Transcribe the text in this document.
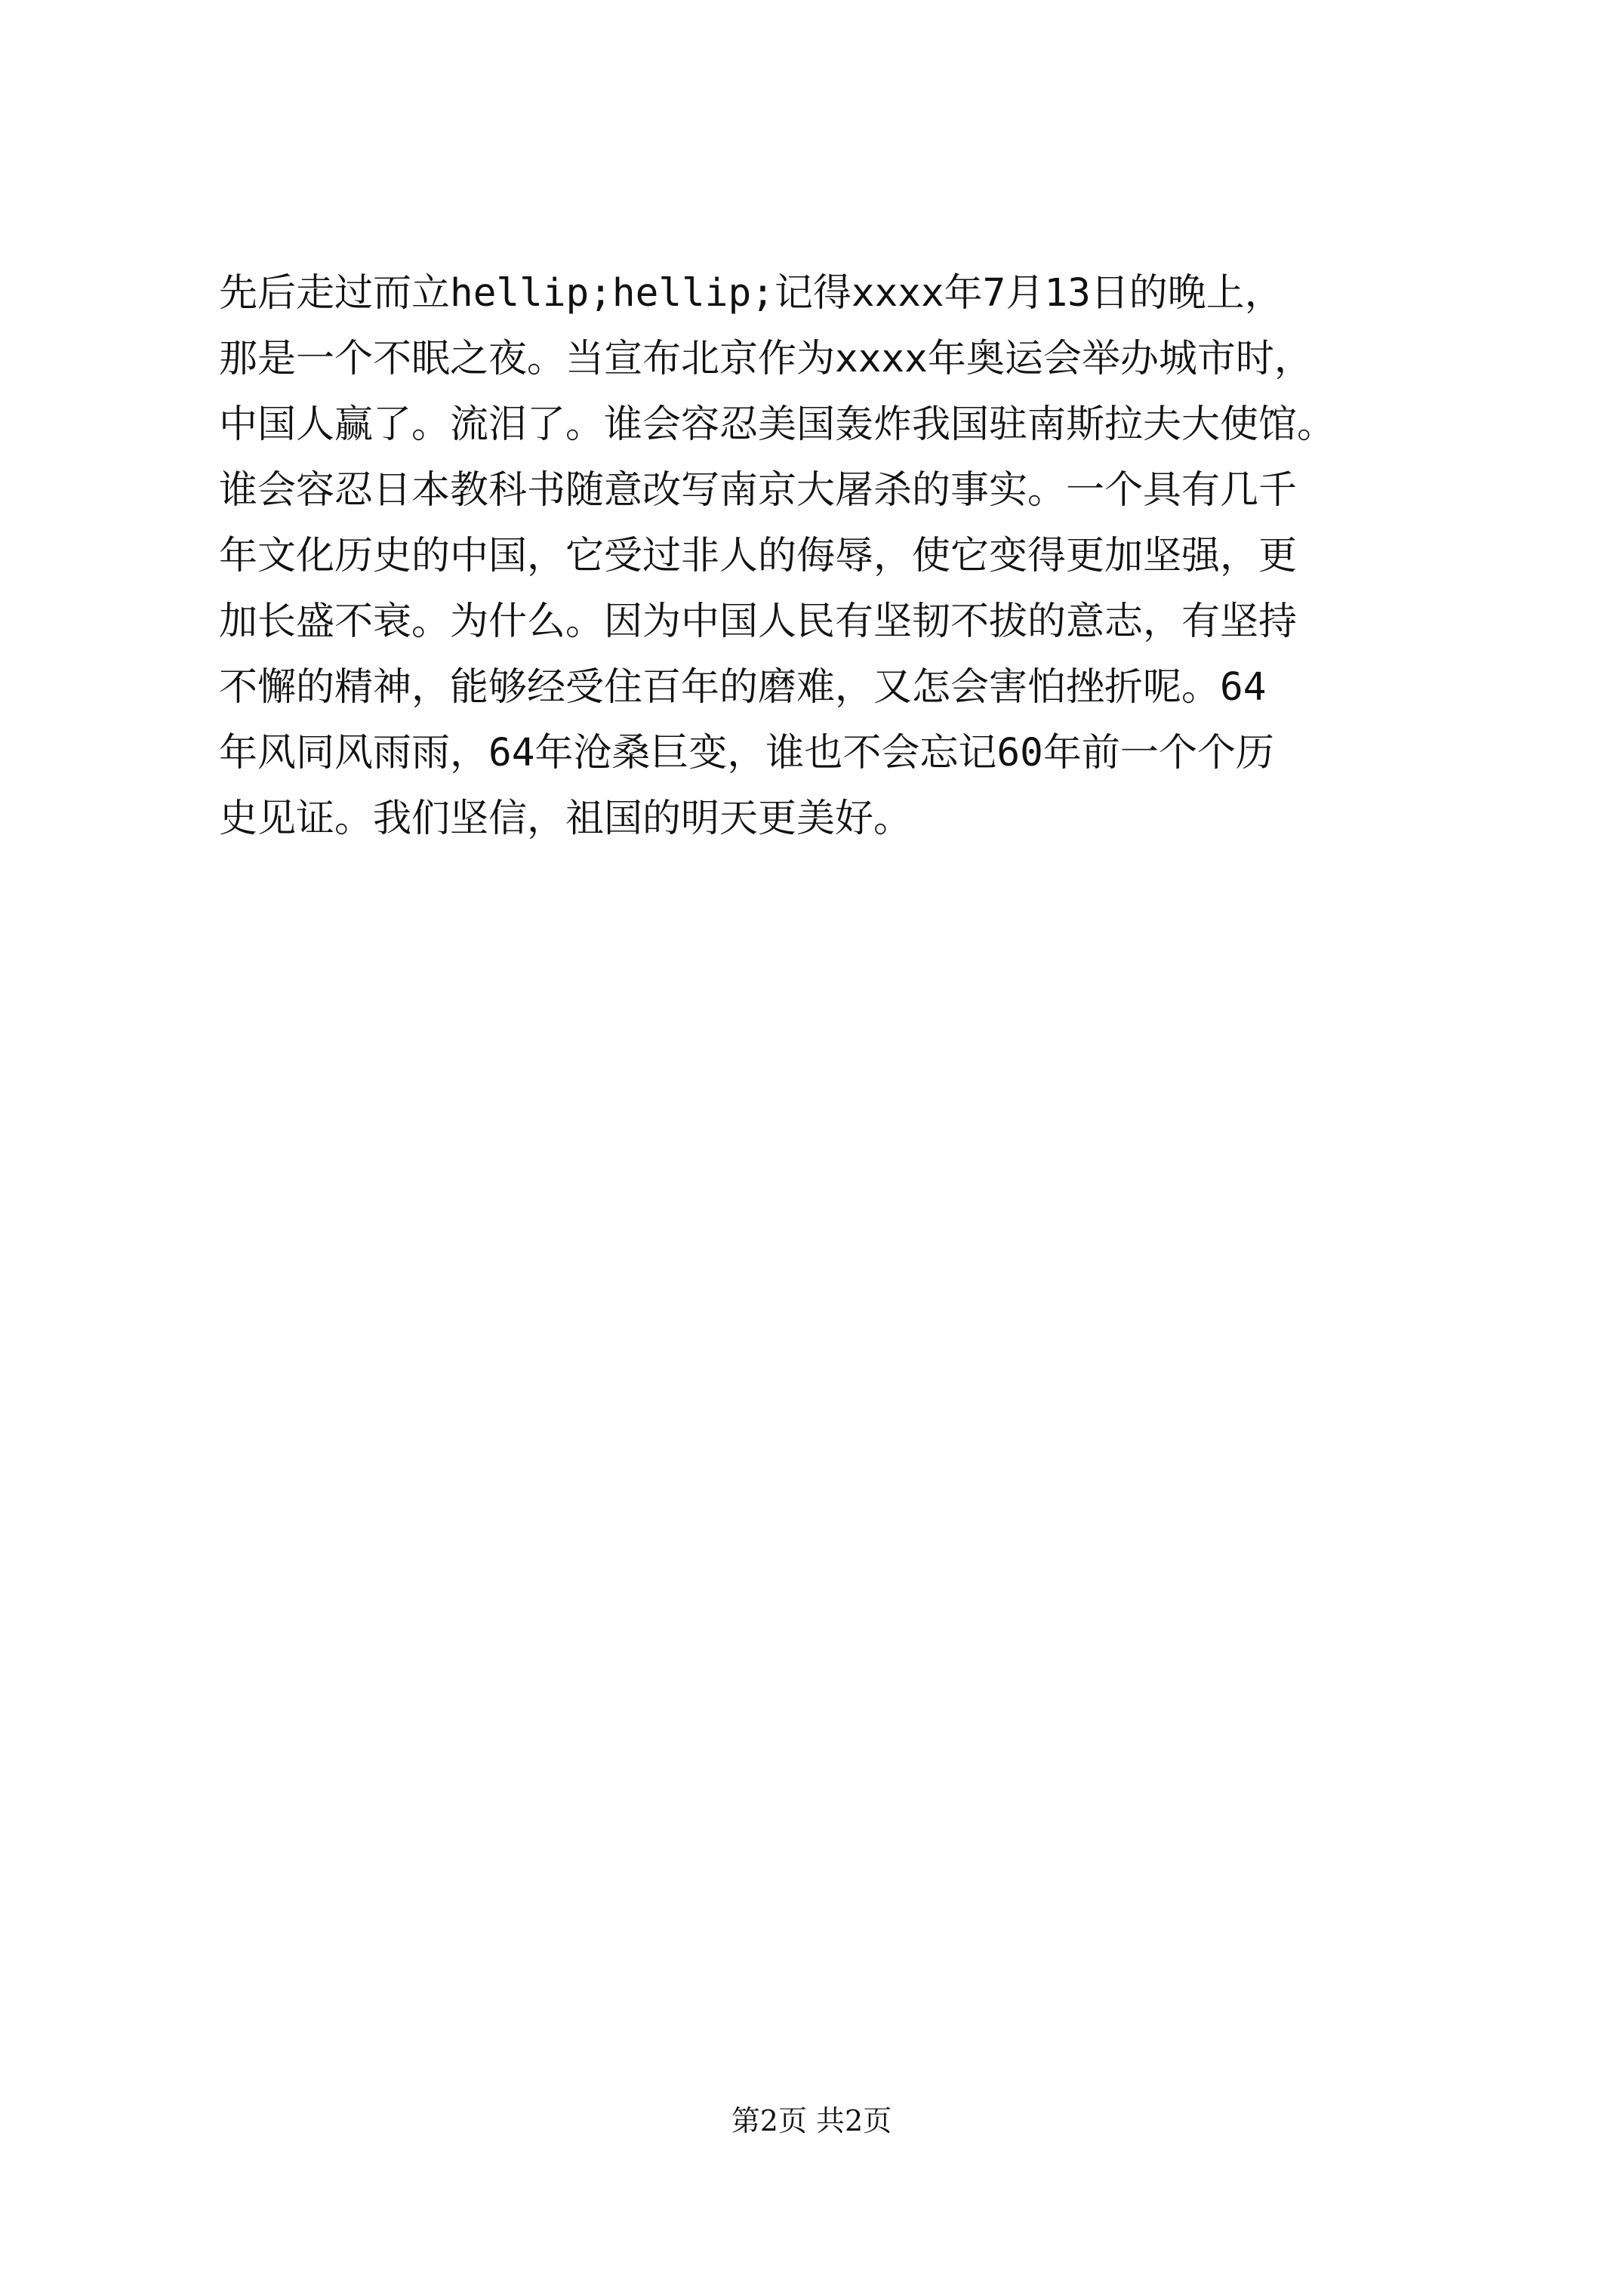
先后走过而立hellip;hellip;记得xxxx年7月13日的晚上，
那是一个不眠之夜。当宣布北京作为xxxx年奥运会举办城市时，
中国人赢了。流泪了。谁会容忍美国轰炸我国驻南斯拉夫大使馆。
谁会容忍日本教科书随意改写南京大屠杀的事实。一个具有几千
年文化历史的中国，它受过非人的侮辱，使它变得更加坚强，更
加长盛不衰。为什么。因为中国人民有坚韧不拔的意志，有坚持
不懈的精神，能够经受住百年的磨难，又怎会害怕挫折呢。64
年风同风雨雨，64年沧桑巨变，谁也不会忘记60年前一个个历
史见证。我们坚信，祖国的明天更美好。
第2页 共2页
